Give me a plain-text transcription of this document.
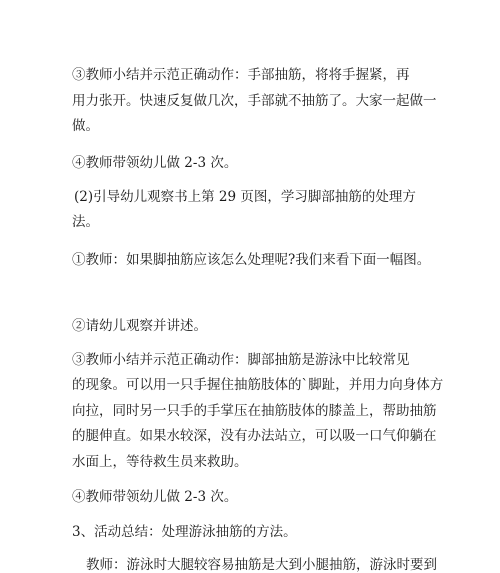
③教师小结并示范正确动作：手部抽筋，将将手握紧，再
用力张开。快速反复做几次，手部就不抽筋了。大家一起做一
做。
④教师带领幼儿做 2-3 次。
(2)引导幼儿观察书上第 29 页图，学习脚部抽筋的处理方
法。
①教师：如果脚抽筋应该怎么处理呢?我们来看下面一幅图。
②请幼儿观察并讲述。
③教师小结并示范正确动作：脚部抽筋是游泳中比较常见
的现象。可以用一只手握住抽筋肢体的`脚趾，并用力向身体方
向拉，同时另一只手的手掌压在抽筋肢体的膝盖上，帮助抽筋
的腿伸直。如果水较深，没有办法站立，可以吸一口气仰躺在
水面上，等待救生员来救助。
④教师带领幼儿做 2-3 次。
3、活动总结：处理游泳抽筋的方法。
教师：游泳时大腿较容易抽筋是大到小腿抽筋，游泳时要到
